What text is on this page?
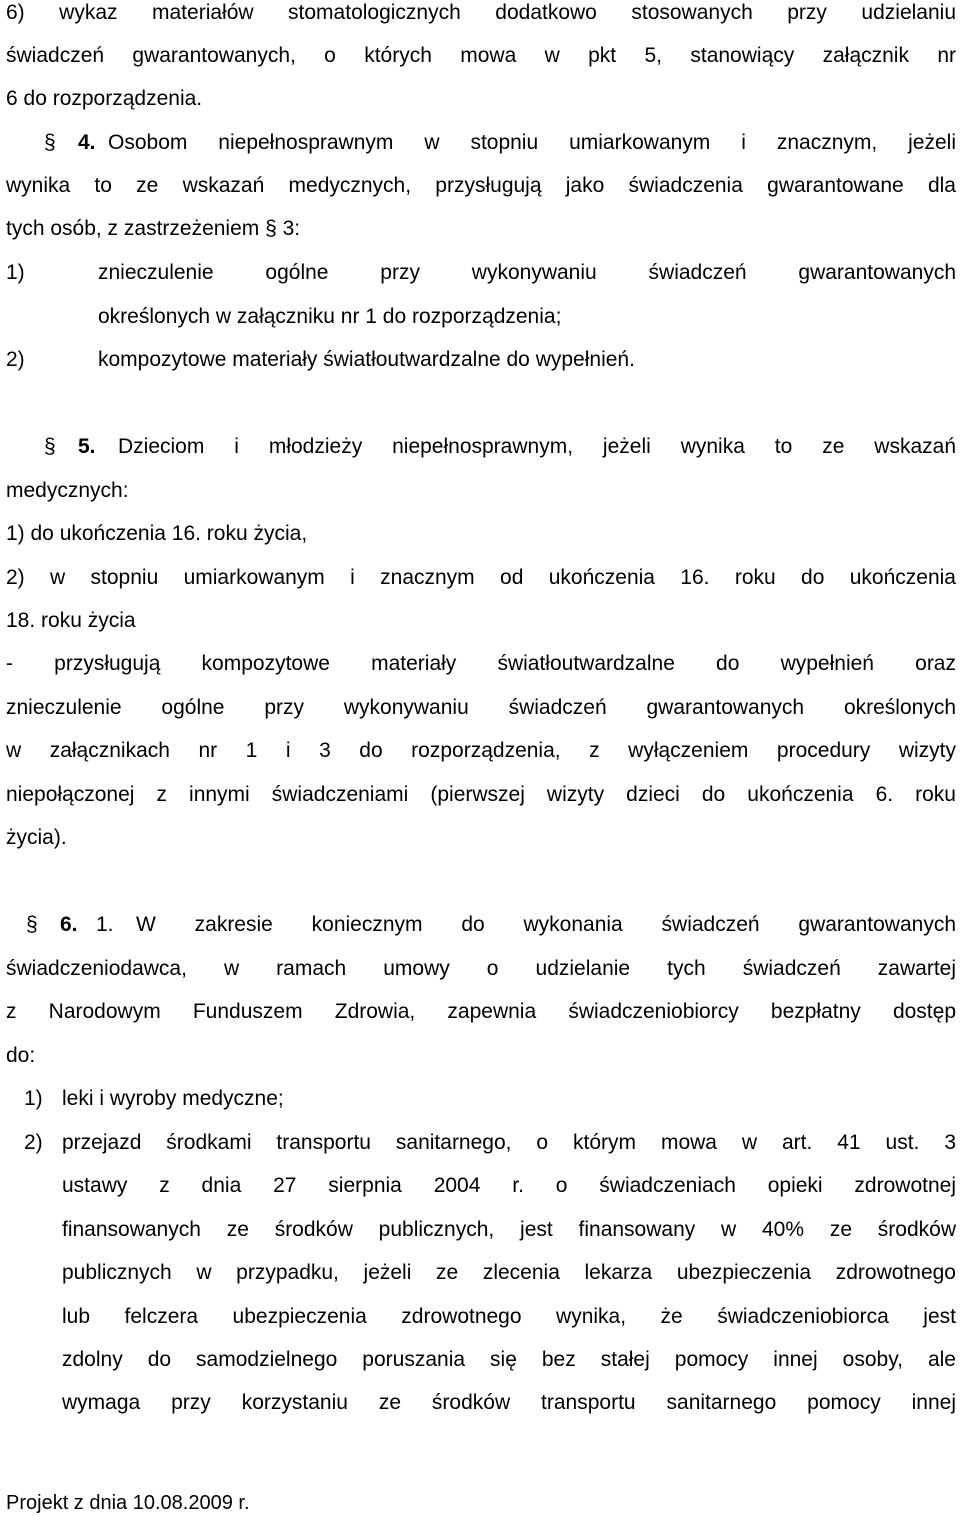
6) wykaz materiałów stomatologicznych dodatkowo stosowanych przy udzielaniu
świadczeń gwarantowanych, o których mowa w pkt 5, stanowiący załącznik nr
6 do rozporządzenia.
§ 4. Osobom niepełnosprawnym w stopniu umiarkowanym i znacznym, jeżeli
wynika to ze wskazań medycznych, przysługują jako świadczenia gwarantowane dla
tych osób, z zastrzeżeniem § 3:
1)	znieczulenie ogólne przy wykonywaniu świadczeń gwarantowanych
określonych w załączniku nr 1 do rozporządzenia;
2)	kompozytowe materiały światłoutwardzalne do wypełnień.
§ 5. Dzieciom i młodzieży niepełnosprawnym, jeżeli wynika to ze wskazań
medycznych:
1) do ukończenia 16. roku życia,
2) w stopniu umiarkowanym i znacznym od ukończenia 16. roku do ukończenia
18. roku życia
- przysługują kompozytowe materiały światłoutwardzalne do wypełnień oraz
znieczulenie ogólne przy wykonywaniu świadczeń gwarantowanych określonych
w załącznikach nr 1 i 3 do rozporządzenia, z wyłączeniem procedury wizyty
niepołączonej z innymi świadczeniami (pierwszej wizyty dzieci do ukończenia 6. roku
życia).
§ 6. 1. W zakresie koniecznym do wykonania świadczeń gwarantowanych
świadczeniodawca, w ramach umowy o udzielanie tych świadczeń zawartej
z Narodowym Funduszem Zdrowia, zapewnia świadczeniobiorcy bezpłatny dostęp
do:
1) leki i wyroby medyczne;
2) przejazd środkami transportu sanitarnego, o którym mowa w art. 41 ust. 3
ustawy z dnia 27 sierpnia 2004 r. o świadczeniach opieki zdrowotnej
finansowanych ze środków publicznych, jest finansowany w 40% ze środków
publicznych w przypadku, jeżeli ze zlecenia lekarza ubezpieczenia zdrowotnego
lub felczera ubezpieczenia zdrowotnego wynika, że świadczeniobiorca jest
zdolny do samodzielnego poruszania się bez stałej pomocy innej osoby, ale
wymaga przy korzystaniu ze środków transportu sanitarnego pomocy innej
Projekt z dnia 10.08.2009 r.
